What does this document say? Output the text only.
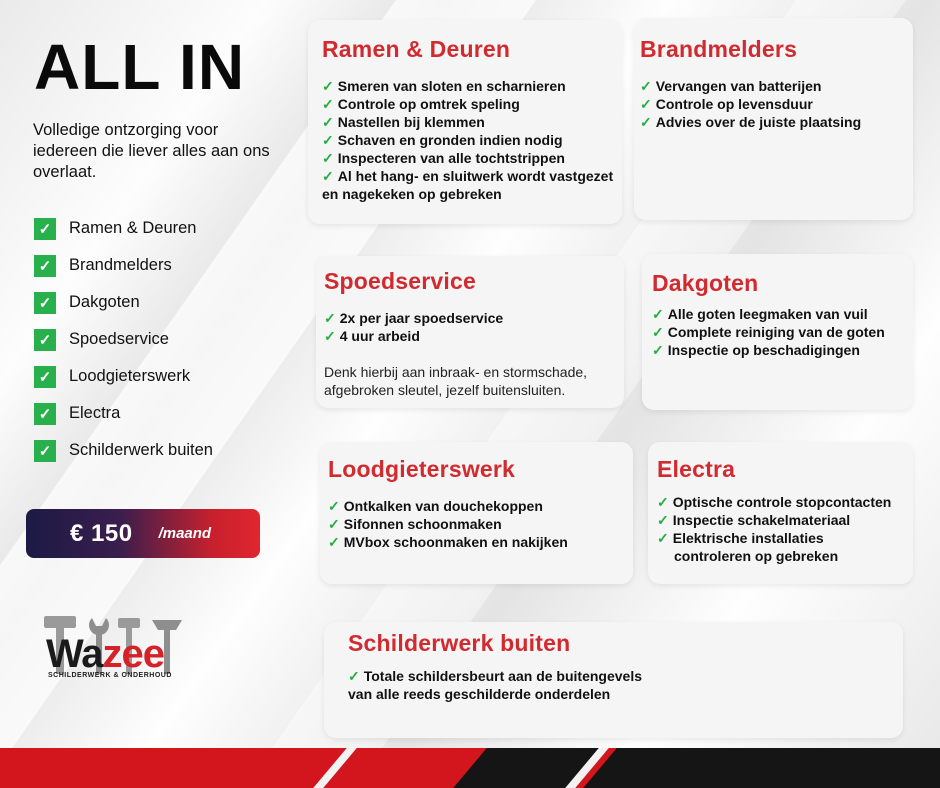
ALL IN

Volledige ontzorging voor iedereen die liever alles aan ons overlaat.

✓ Ramen & Deuren
✓ Brandmelders
✓ Dakgoten
✓ Spoedservice
✓ Loodgieterswerk
✓ Electra
✓ Schilderwerk buiten
€ 150 /maand
Wazee
SCHILDERWERK & ONDERHOUD
Ramen & Deuren
✓ Smeren van sloten en scharnieren
✓ Controle op omtrek speling
✓ Nastellen bij klemmen
✓ Schaven en gronden indien nodig
✓ Inspecteren van alle tochtstrippen
✓ Al het hang- en sluitwerk wordt vastgezet
en nagekeken op gebreken
Brandmelders
✓ Vervangen van batterijen
✓ Controle op levensduur
✓ Advies over de juiste plaatsing
Spoedservice
✓ 2x per jaar spoedservice
✓ 4 uur arbeid

Denk hierbij aan inbraak- en stormschade, afgebroken sleutel, jezelf buitensluiten.

Dakgoten
✓ Alle goten leegmaken van vuil
✓ Complete reiniging van de goten
✓ Inspectie op beschadigingen
Loodgieterswerk
✓ Ontkalken van douchekoppen
✓ Sifonnen schoonmaken
✓ MVbox schoonmaken en nakijken
Electra
✓ Optische controle stopcontacten
✓ Inspectie schakelmateriaal
✓ Elektrische installaties
controleren op gebreken
Schilderwerk buiten
✓ Totale schildersbeurt aan de buitengevels
van alle reeds geschilderde onderdelen
